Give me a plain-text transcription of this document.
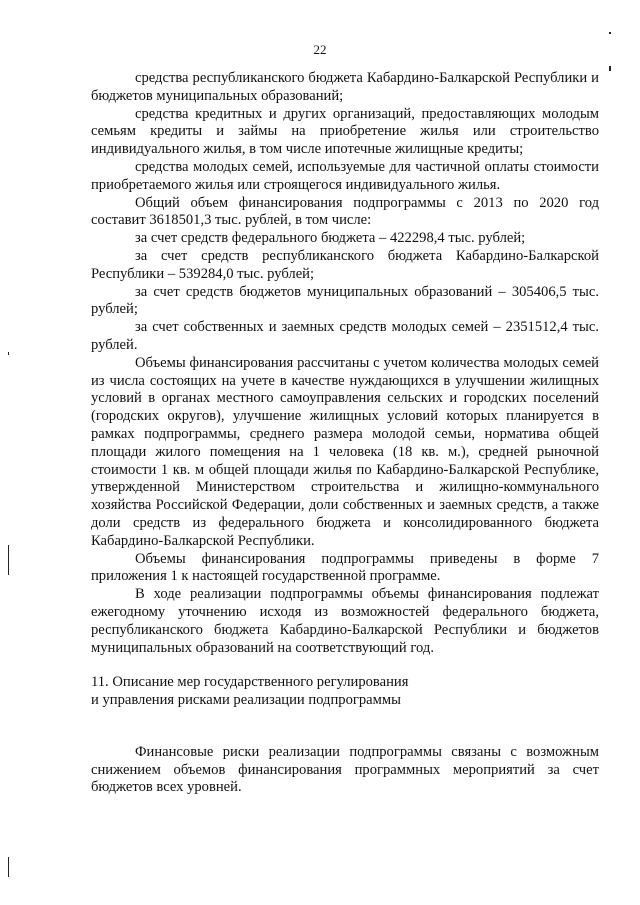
22

средства республиканского бюджета Кабардино-Балкарской Республики и бюджетов муниципальных образований;

средства кредитных и других организаций, предоставляющих молодым семьям кредиты и займы на приобретение жилья или строительство индивидуального жилья, в том числе ипотечные жилищные кредиты;

средства молодых семей, используемые для частичной оплаты стоимости приобретаемого жилья или строящегося индивидуального жилья.

Общий объем финансирования подпрограммы с 2013 по 2020 год составит 3618501,3 тыс. рублей, в том числе:

за счет средств федерального бюджета – 422298,4 тыс. рублей;

за счет средств республиканского бюджета Кабардино-Балкарской Республики – 539284,0 тыс. рублей;

за счет средств бюджетов муниципальных образований – 305406,5 тыс. рублей;

за счет собственных и заемных средств молодых семей – 2351512,4 тыс. рублей.

Объемы финансирования рассчитаны с учетом количества молодых семей из числа состоящих на учете в качестве нуждающихся в улучшении жилищных условий в органах местного самоуправления сельских и городских поселений (городских округов), улучшение жилищных условий которых планируется в рамках подпрограммы, среднего размера молодой семьи, норматива общей площади жилого помещения на 1 человека (18 кв. м.), средней рыночной стоимости 1 кв. м общей площади жилья по Кабардино-Балкарской Республике, утвержденной Министерством строительства и жилищно-коммунального хозяйства Российской Федерации, доли собственных и заемных средств, а также доли средств из федерального бюджета и консолидированного бюджета Кабардино-Балкарской Республики.

Объемы финансирования подпрограммы приведены в форме 7 приложения 1 к настоящей государственной программе.

В ходе реализации подпрограммы объемы финансирования подлежат ежегодному уточнению исходя из возможностей федерального бюджета, республиканского бюджета Кабардино-Балкарской Республики и бюджетов муниципальных образований на соответствующий год.

11. Описание мер государственного регулирования

и управления рисками реализации подпрограммы

Финансовые риски реализации подпрограммы связаны с возможным снижением объемов финансирования программных мероприятий за счет бюджетов всех уровней.
